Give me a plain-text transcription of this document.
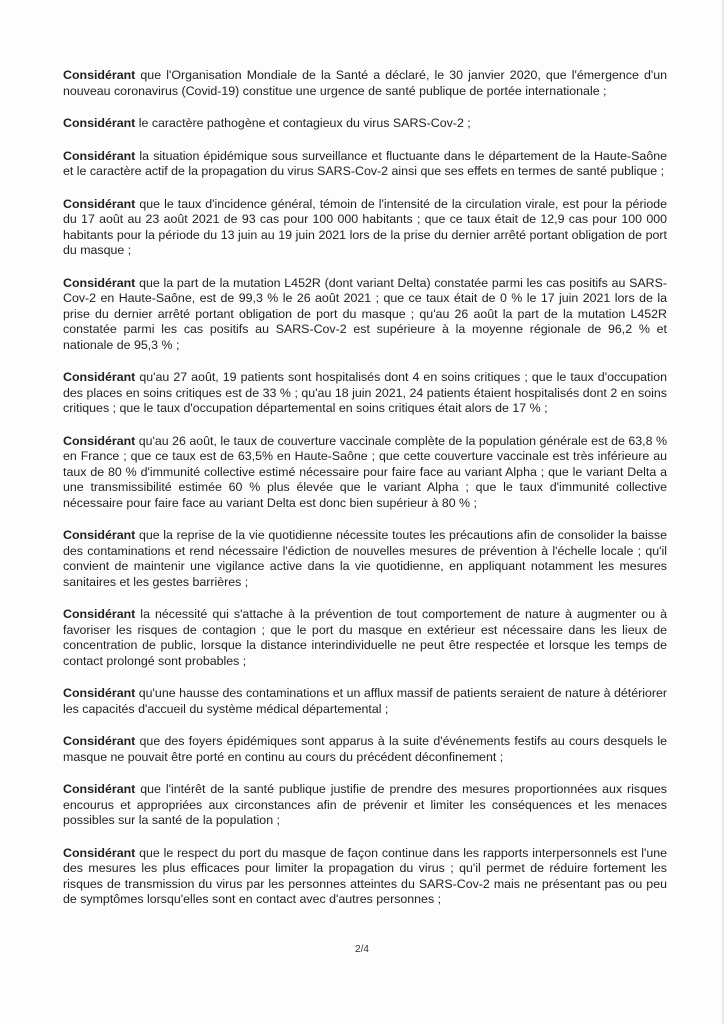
Considérant que l'Organisation Mondiale de la Santé a déclaré, le 30 janvier 2020, que l'émergence d'un nouveau coronavirus (Covid-19) constitue une urgence de santé publique de portée internationale ;

Considérant le caractère pathogène et contagieux du virus SARS-Cov-2 ;

Considérant la situation épidémique sous surveillance et fluctuante dans le département de la Haute-Saône et le caractère actif de la propagation du virus SARS-Cov-2 ainsi que ses effets en termes de santé publique ;

Considérant que le taux d'incidence général, témoin de l'intensité de la circulation virale, est pour la période du 17 août au 23 août 2021 de 93 cas pour 100 000 habitants ; que ce taux était de 12,9 cas pour 100 000 habitants pour la période du 13 juin au 19 juin 2021 lors de la prise du dernier arrêté portant obligation de port du masque ;

Considérant que la part de la mutation L452R (dont variant Delta) constatée parmi les cas positifs au SARS-Cov-2 en Haute-Saône, est de 99,3 % le 26 août 2021 ; que ce taux était de 0 % le 17 juin 2021 lors de la prise du dernier arrêté portant obligation de port du masque ; qu'au 26 août la part de la mutation L452R constatée parmi les cas positifs au SARS-Cov-2 est supérieure à la moyenne régionale de 96,2 % et nationale de 95,3 % ;

Considérant qu'au 27 août, 19 patients sont hospitalisés dont 4 en soins critiques ; que le taux d'occupation des places en soins critiques est de 33 % ; qu'au 18 juin 2021, 24 patients étaient hospitalisés dont 2 en soins critiques ; que le taux d'occupation départemental en soins critiques était alors de 17 % ;

Considérant qu'au 26 août, le taux de couverture vaccinale complète de la population générale est de 63,8 % en France ; que ce taux est de 63,5% en Haute-Saône ; que cette couverture vaccinale est très inférieure au taux de 80 % d'immunité collective estimé nécessaire pour faire face au variant Alpha ; que le variant Delta a une transmissibilité estimée 60 % plus élevée que le variant Alpha ; que le taux d'immunité collective nécessaire pour faire face au variant Delta est donc bien supérieur à 80 % ;

Considérant que la reprise de la vie quotidienne nécessite toutes les précautions afin de consolider la baisse des contaminations et rend nécessaire l'édiction de nouvelles mesures de prévention à l'échelle locale ; qu'il convient de maintenir une vigilance active dans la vie quotidienne, en appliquant notamment les mesures sanitaires et les gestes barrières ;

Considérant la nécessité qui s'attache à la prévention de tout comportement de nature à augmenter ou à favoriser les risques de contagion ; que le port du masque en extérieur est nécessaire dans les lieux de concentration de public, lorsque la distance interindividuelle ne peut être respectée et lorsque les temps de contact prolongé sont probables ;

Considérant qu'une hausse des contaminations et un afflux massif de patients seraient de nature à détériorer les capacités d'accueil du système médical départemental ;

Considérant que des foyers épidémiques sont apparus à la suite d'événements festifs au cours desquels le masque ne pouvait être porté en continu au cours du précédent déconfinement ;

Considérant que l'intérêt de la santé publique justifie de prendre des mesures proportionnées aux risques encourus et appropriées aux circonstances afin de prévenir et limiter les conséquences et les menaces possibles sur la santé de la population ;

Considérant que le respect du port du masque de façon continue dans les rapports interpersonnels est l'une des mesures les plus efficaces pour limiter la propagation du virus ; qu'il permet de réduire fortement les risques de transmission du virus par les personnes atteintes du SARS-Cov-2 mais ne présentant pas ou peu de symptômes lorsqu'elles sont en contact avec d'autres personnes ;

2/4
